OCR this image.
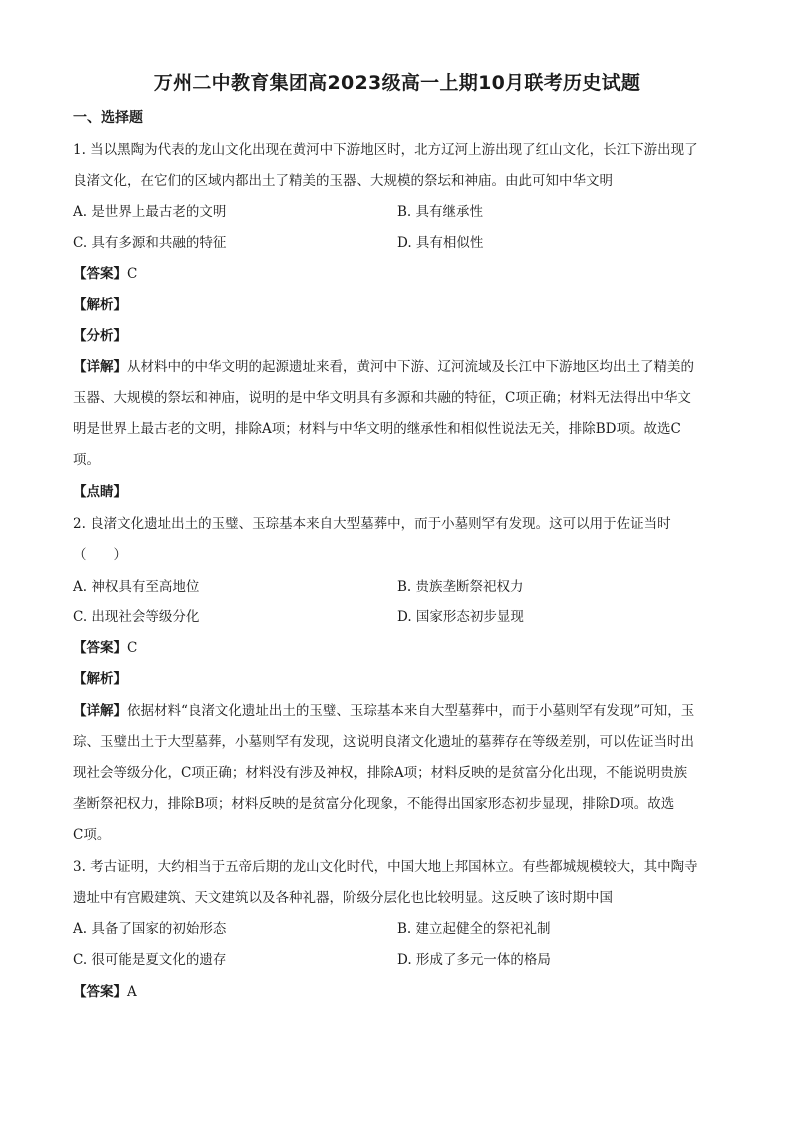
万州二中教育集团高2023级高一上期10月联考历史试题
一、选择题
1. 当以黑陶为代表的龙山文化出现在黄河中下游地区时，北方辽河上游出现了红山文化，长江下游出现了
良渚文化，在它们的区域内都出土了精美的玉器、大规模的祭坛和神庙。由此可知中华文明
A. 是世界上最古老的文明	B. 具有继承性
C. 具有多源和共融的特征	D. 具有相似性
【答案】C
【解析】
【分析】
【详解】从材料中的中华文明的起源遗址来看，黄河中下游、辽河流域及长江中下游地区均出土了精美的
玉器、大规模的祭坛和神庙，说明的是中华文明具有多源和共融的特征，C项正确；材料无法得出中华文
明是世界上最古老的文明，排除A项；材料与中华文明的继承性和相似性说法无关，排除BD项。故选C
项。
【点睛】
2. 良渚文化遗址出土的玉璧、玉琮基本来自大型墓葬中，而于小墓则罕有发现。这可以用于佐证当时
（　　）
A. 神权具有至高地位	B. 贵族垄断祭祀权力
C. 出现社会等级分化	D. 国家形态初步显现
【答案】C
【解析】
【详解】依据材料“良渚文化遗址出土的玉璧、玉琮基本来自大型墓葬中，而于小墓则罕有发现”可知，玉
琮、玉璧出土于大型墓葬，小墓则罕有发现，这说明良渚文化遗址的墓葬存在等级差别，可以佐证当时出
现社会等级分化，C项正确；材料没有涉及神权，排除A项；材料反映的是贫富分化出现，不能说明贵族
垄断祭祀权力，排除B项；材料反映的是贫富分化现象，不能得出国家形态初步显现，排除D项。故选
C项。
3. 考古证明，大约相当于五帝后期的龙山文化时代，中国大地上邦国林立。有些都城规模较大，其中陶寺
遗址中有宫殿建筑、天文建筑以及各种礼器，阶级分层化也比较明显。这反映了该时期中国
A. 具备了国家的初始形态	B. 建立起健全的祭祀礼制
C. 很可能是夏文化的遗存	D. 形成了多元一体的格局
【答案】A
